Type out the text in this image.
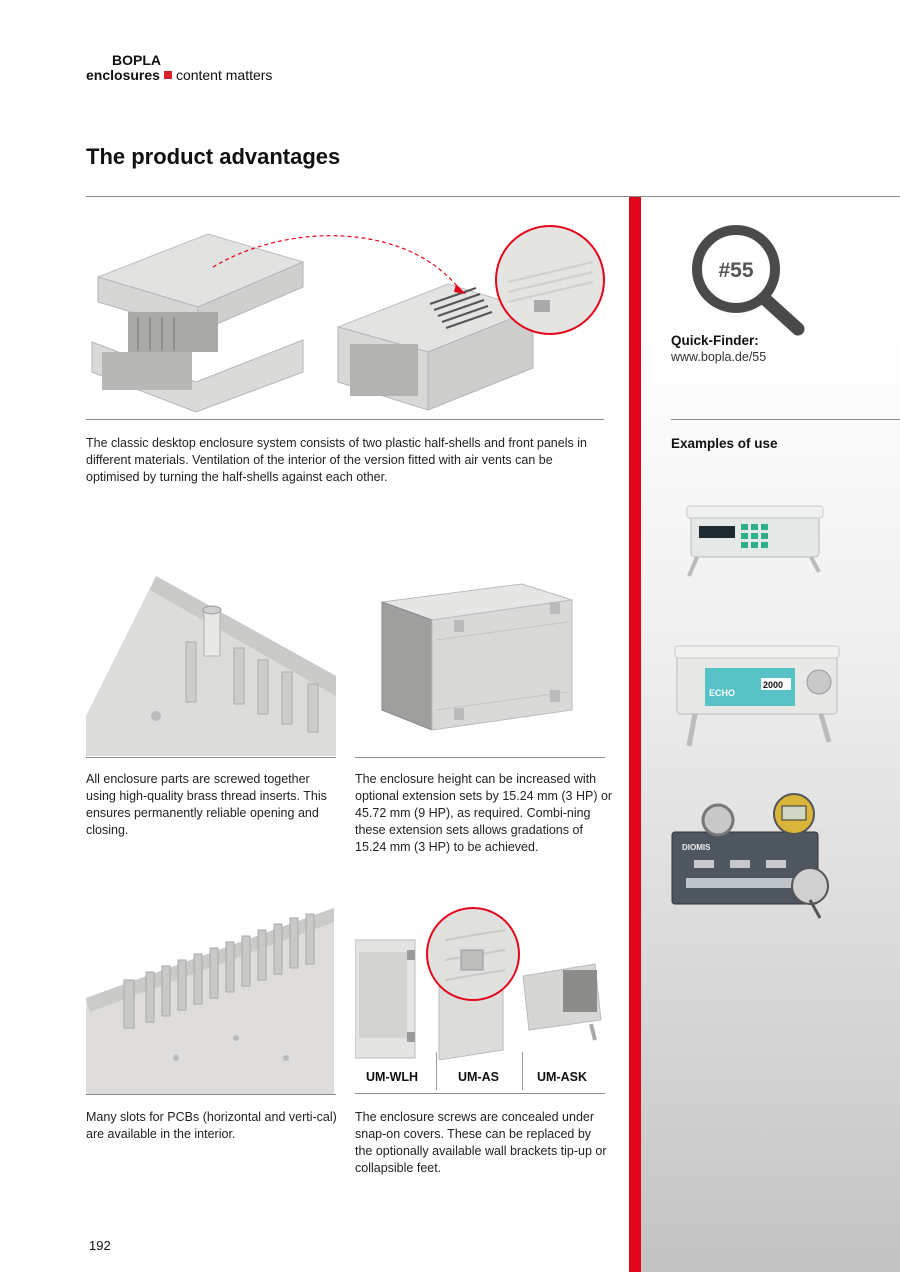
BOPLA
enclosures content matters
The product advantages
#55
Quick-Finder:
www.bopla.de/55
Examples of use
ECHO
2000
DIOMIS
The classic desktop enclosure system consists of two plastic half-shells and front panels in different materials. Ventilation of the interior of the version fitted with air vents can be optimised by turning the half-shells against each other.
All enclosure parts are screwed together using high-quality brass thread inserts. This ensures permanently reliable opening and closing.
The enclosure height can be increased with optional extension sets by 15.24 mm (3 HP) or 45.72 mm (9 HP), as required. Combi-ning these extension sets allows gradations of 15.24 mm (3 HP) to be achieved.
Many slots for PCBs (horizontal and verti-cal) are available in the interior.
UM-WLH	UM-AS	UM-ASK
The enclosure screws are concealed under snap-on covers. These can be replaced by the optionally available wall brackets tip-up or collapsible feet.
192
